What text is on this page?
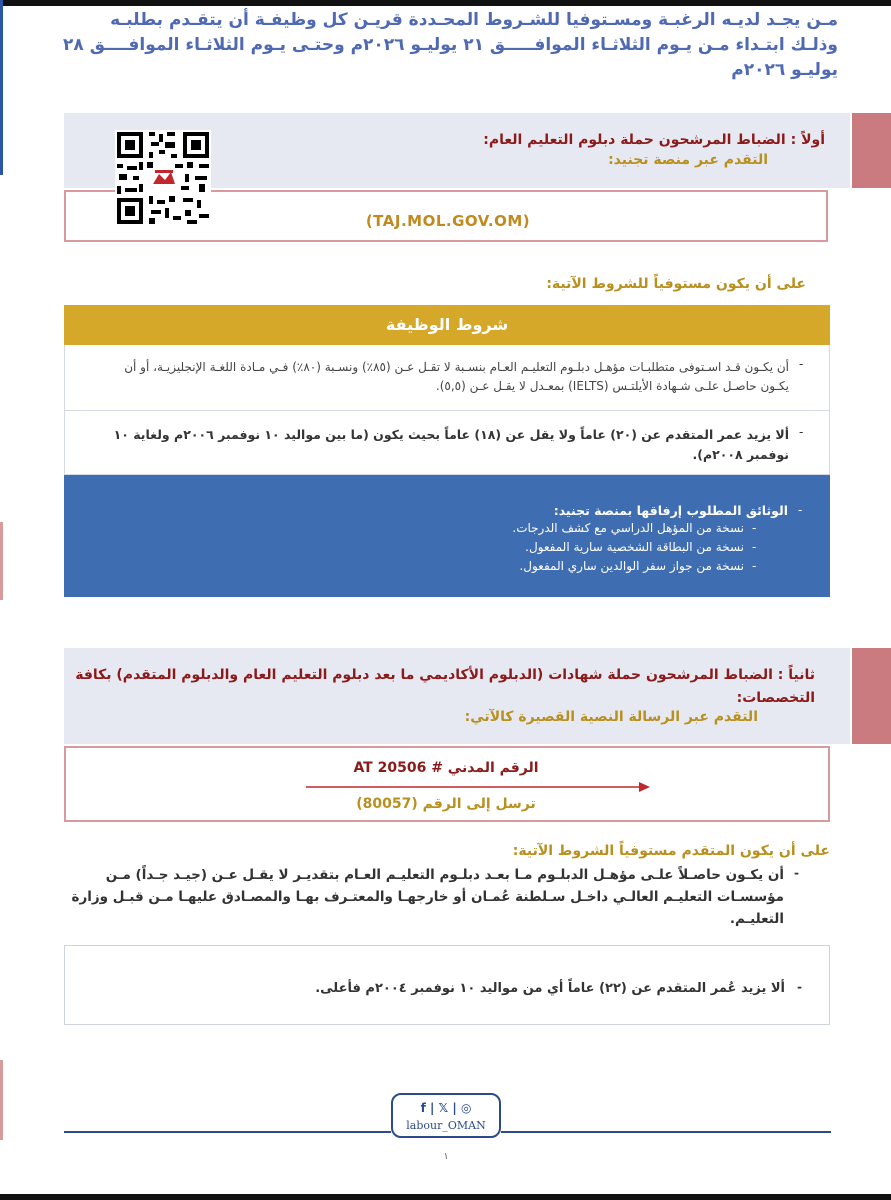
مـن يجـد لديـه الرغبـة ومسـتوفيا للشـروط المحـددة قريـن كل وظيفـة أن يتقـدم بطلبـه وذلـك ابتـداء مـن يـوم الثلاثـاء الموافـــــق ٢١ يوليـو ٢٠٢٦م وحتـى يـوم الثلاثـاء الموافــــق ٢٨ يوليـو ٢٠٢٦م
أولاً : الضباط المرشحون حملة دبلوم التعليم العام:
التقدم عبر منصة تجنيد:
(TAJ.MOL.GOV.OM)
على أن يكون مستوفياً للشروط الآتية:
شروط الوظيفة
-
أن يكـون قـد اسـتوفى متطلبـات مؤهـل دبلـوم التعليـم العـام بنسـبة لا تقـل عـن (٨٥٪) ونسـبة (٨٠٪) فـي مـادة اللغـة الإنجليزيـة، أو أن يكـون حاصـل علـى شـهادة الأيلتـس (IELTS) بمعـدل لا يقـل عـن (٥,٥).
-
ألا يزيد عمر المتقدم عن (٢٠) عاماً ولا يقل عن (١٨) عاماً بحيث يكون (ما بين مواليد ١٠ نوفمبر ٢٠٠٦م ولغاية ١٠ نوفمبر ٢٠٠٨م).
-
الوثائق المطلوب إرفاقها بمنصة تجنيد:
-
نسخة من المؤهل الدراسي مع كشف الدرجات.
-
نسخة من البطاقة الشخصية سارية المفعول.
-
نسخة من جواز سفر الوالدين ساري المفعول.
ثانياً : الضباط المرشحون حملة شهادات (الدبلوم الأكاديمي ما بعد دبلوم التعليم العام والدبلوم المتقدم) بكافة التخصصات:
التقدم عبر الرسالة النصية القصيرة كالآتي:
AT الرقم المدني # 20506
ترسل إلى الرقم (80057)
على أن يكون المتقدم مستوفياً الشروط الآتية:
-
أن يكـون حاصـلاً علـى مؤهـل الدبلـوم مـا بعـد دبلـوم التعليـم العـام بتقديـر لا يقـل عـن (جيـد جـداً) مـن مؤسسـات التعليـم العالـي داخـل سـلطنة عُمـان أو خارجهـا والمعتـرف بهـا والمصـادق عليهـا مـن قبـل وزارة التعليـم.
-
ألا يزيد عُمر المتقدم عن (٢٢) عاماً أي من مواليد ١٠ نوفمبر ٢٠٠٤م فأعلى.
f | 𝕏 | ◎
labour_OMAN
١
